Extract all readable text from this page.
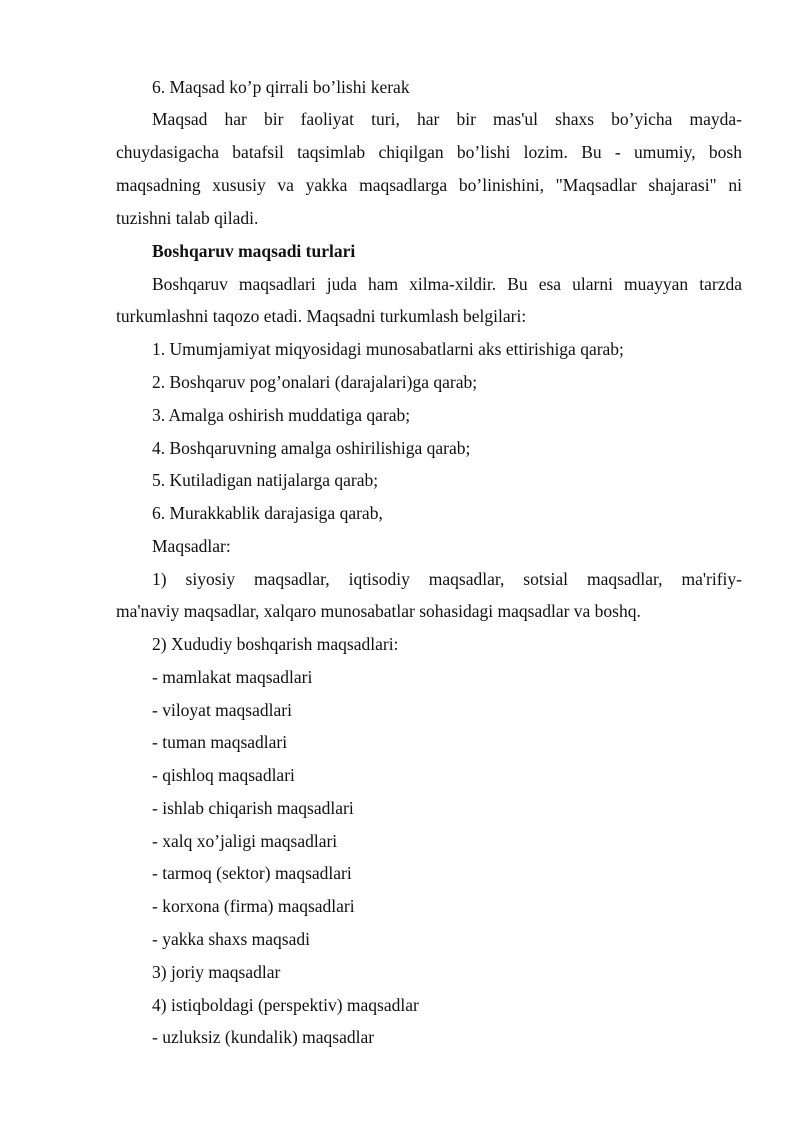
6. Maqsad ko’p qirrali bo’lishi kerak
Maqsad har bir faoliyat turi, har bir mas'ul shaxs bo’yicha mayda-
chuydasigacha batafsil taqsimlab chiqilgan bo’lishi lozim. Bu - umumiy, bosh
maqsadning xususiy va yakka maqsadlarga bo’linishini, "Maqsadlar shajarasi" ni
tuzishni talab qiladi.
Boshqaruv maqsadi turlari
Boshqaruv maqsadlari juda ham xilma-xildir. Bu esa ularni muayyan tarzda
turkumlashni taqozo etadi. Maqsadni turkumlash belgilari:
1. Umumjamiyat miqyosidagi munosabatlarni aks ettirishiga qarab;
2. Boshqaruv pog’onalari (darajalari)ga qarab;
3. Amalga oshirish muddatiga qarab;
4. Boshqaruvning amalga oshirilishiga qarab;
5. Kutiladigan natijalarga qarab;
6. Murakkablik darajasiga qarab,
Maqsadlar:
1) siyosiy maqsadlar, iqtisodiy maqsadlar, sotsial maqsadlar, ma'rifiy-
ma'naviy maqsadlar, xalqaro munosabatlar sohasidagi maqsadlar va boshq.
2) Xududiy boshqarish maqsadlari:
- mamlakat maqsadlari
- viloyat maqsadlari
- tuman maqsadlari
- qishloq maqsadlari
- ishlab chiqarish maqsadlari
- xalq xo’jaligi maqsadlari
- tarmoq (sektor) maqsadlari
- korxona (firma) maqsadlari
- yakka shaxs maqsadi
3) joriy maqsadlar
4) istiqboldagi (perspektiv) maqsadlar
- uzluksiz (kundalik) maqsadlar
